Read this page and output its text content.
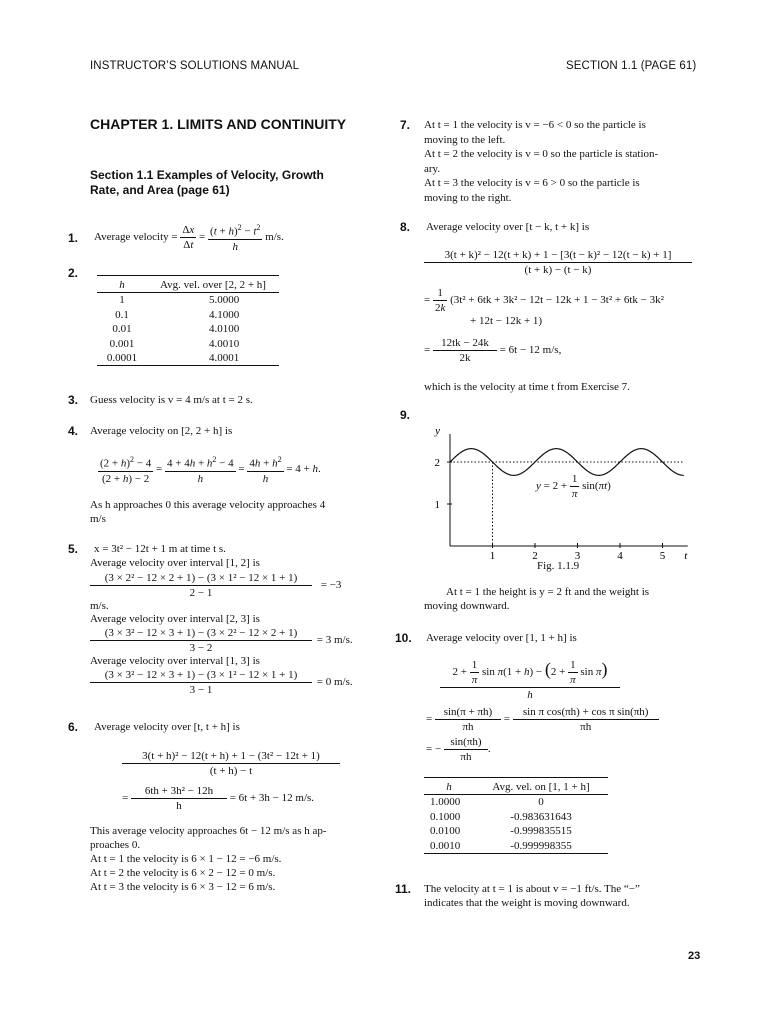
INSTRUCTOR’S SOLUTIONS MANUAL	SECTION 1.1 (PAGE 61)
CHAPTER 1. LIMITS AND CONTINUITY
Section 1.1 Examples of Velocity, Growth
Rate, and Area (page 61)
1. Average velocity = $\frac{\Delta x}{\Delta t} = \frac{(t + h)^2 - t^2}{h} m/s$.
2.
h	Avg. vel. over [2, 2 + h]
1	5.0000
0.1	4.1000
0.01	4.0100
0.001	4.0010
0.0001	4.0001

3. Guess velocity is v = 4 m/s at t = 2 s.
4. Average velocity on [2, 2 + h] is
$\frac{(2 + h)^2 - 4}{(2 + h) - 2} = \frac{4 + 4h + h^2 - 4}{h} = \frac{4h + h^2}{h} = 4 + h$.
As h approaches 0 this average velocity approaches 4
m/s
5. x = 3t² − 12t + 1 m at time t s.
Average velocity over interval [1, 2] is
$\frac{\text{(3 × 2² − 12 × 2 + 1) − (3 × 1² − 12 × 1 + 1)}}{2 - 1} = -3$
m/s.
Average velocity over interval [2, 3] is
$\frac{\text{(3 × 3² − 12 × 3 + 1) − (3 × 2² − 12 × 2 + 1)}}{3 - 2} = 3$ m/s.
Average velocity over interval [1, 3] is
$\frac{\text{(3 × 3² − 12 × 3 + 1) − (3 × 1² − 12 × 1 + 1)}}{3 - 1} = 0$ m/s.
6. Average velocity over [t, t + h] is
$\frac{\text{3(t + h)² − 12(t + h) + 1 − (3t² − 12t + 1)}}{(t + h) - t}$
= $\frac{\text{6th + 3h² − 12h}}{h} = 6t + 3h - 12$ m/s.
This average velocity approaches 6t − 12 m/s as h ap-
proaches 0.
At t = 1 the velocity is 6 × 1 − 12 = −6 m/s.
At t = 2 the velocity is 6 × 2 − 12 = 0 m/s.
At t = 3 the velocity is 6 × 3 − 12 = 6 m/s.
7. At t = 1 the velocity is v = −6 < 0 so the particle is
moving to the left.
At t = 2 the velocity is v = 0 so the particle is station-
ary.
At t = 3 the velocity is v = 6 > 0 so the particle is
moving to the right.
8. Average velocity over [t − k, t + k] is
$\frac{\text{3(t + k)² − 12(t + k) + 1 − [3(t − k)² − 12(t − k) + 1]}}{(t + k) - (t - k)}$
= $\frac{1}{2k} (3t^2 + 6tk + 3k^2 - 12t - 12k + 1 - 3t^2 + 6tk - 3k^2$
+ 12t − 12k + 1)
= $\frac{12tk - 24k}{2k} = 6t - 12$ m/s,
which is the velocity at time t from Exercise 7.
9.
1	2	3	4	5
1
2
y
t
$y = 2 + \frac{1}{\pi} \sin(\pi t)$
Fig. 1.1.9
At t = 1 the height is y = 2 ft and the weight is
moving downward.
10. Average velocity over [1, 1 + h] is
$\frac{2 + \frac{1}{\pi} \sin \pi(1 + h) - (2 + \frac{1}{\pi} \sin \pi)}{h}$
= $\frac{\sin(\pi + \pi h)}{\pi h} = \frac{\text{sin π cos(πh) + cos π sin(πh)}}{\pi h}$
= − $\frac{\sin(\pi h)}{\pi h}$ .
h	Avg. vel. on [1, 1 + h]
1.0000	0
0.1000	-0.983631643
0.0100	-0.999835515
0.0010	-0.999998355

11. The velocity at t = 1 is about v = −1 ft/s. The “−”
indicates that the weight is moving downward.
23
